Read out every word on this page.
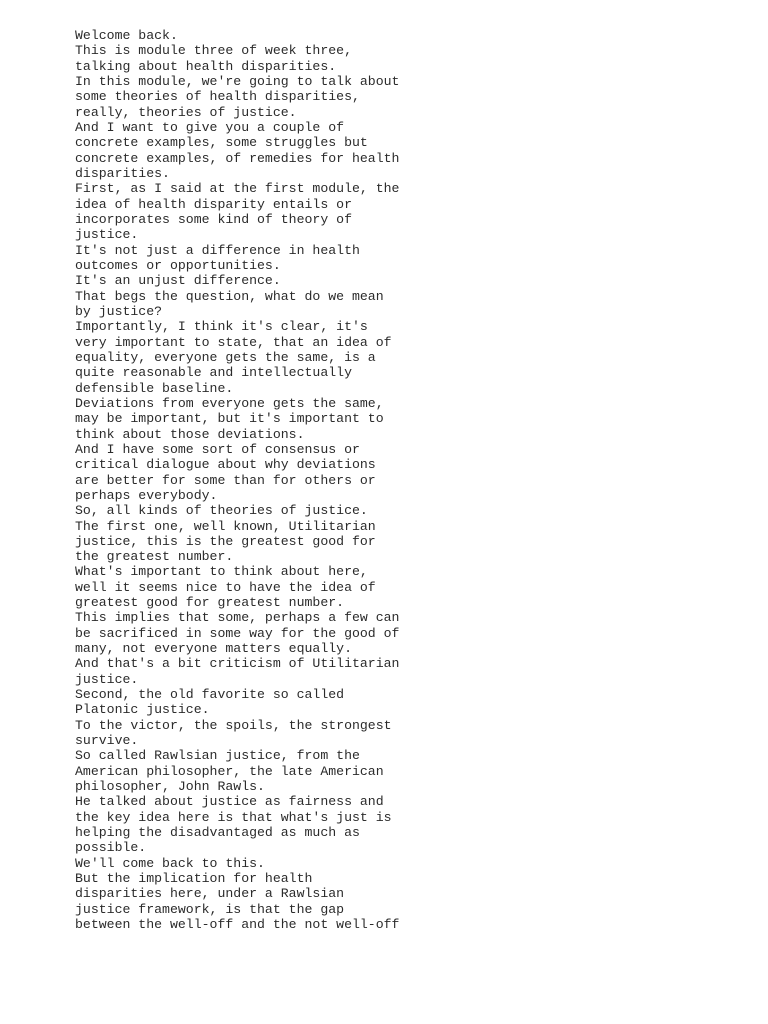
Welcome back.
This is module three of week three,
talking about health disparities.
In this module, we're going to talk about
some theories of health disparities,
really, theories of justice.
And I want to give you a couple of
concrete examples, some struggles but
concrete examples, of remedies for health
disparities.
First, as I said at the first module, the
idea of health disparity entails or
incorporates some kind of theory of
justice.
It's not just a difference in health
outcomes or opportunities.
It's an unjust difference.
That begs the question, what do we mean
by justice?
Importantly, I think it's clear, it's
very important to state, that an idea of
equality, everyone gets the same, is a
quite reasonable and intellectually
defensible baseline.
Deviations from everyone gets the same,
may be important, but it's important to
think about those deviations.
And I have some sort of consensus or
critical dialogue about why deviations
are better for some than for others or
perhaps everybody.
So, all kinds of theories of justice.
The first one, well known, Utilitarian
justice, this is the greatest good for
the greatest number.
What's important to think about here,
well it seems nice to have the idea of
greatest good for greatest number.
This implies that some, perhaps a few can
be sacrificed in some way for the good of
many, not everyone matters equally.
And that's a bit criticism of Utilitarian
justice.
Second, the old favorite so called
Platonic justice.
To the victor, the spoils, the strongest
survive.
So called Rawlsian justice, from the
American philosopher, the late American
philosopher, John Rawls.
He talked about justice as fairness and
the key idea here is that what's just is
helping the disadvantaged as much as
possible.
We'll come back to this.
But the implication for health
disparities here, under a Rawlsian
justice framework, is that the gap
between the well-off and the not well-off
